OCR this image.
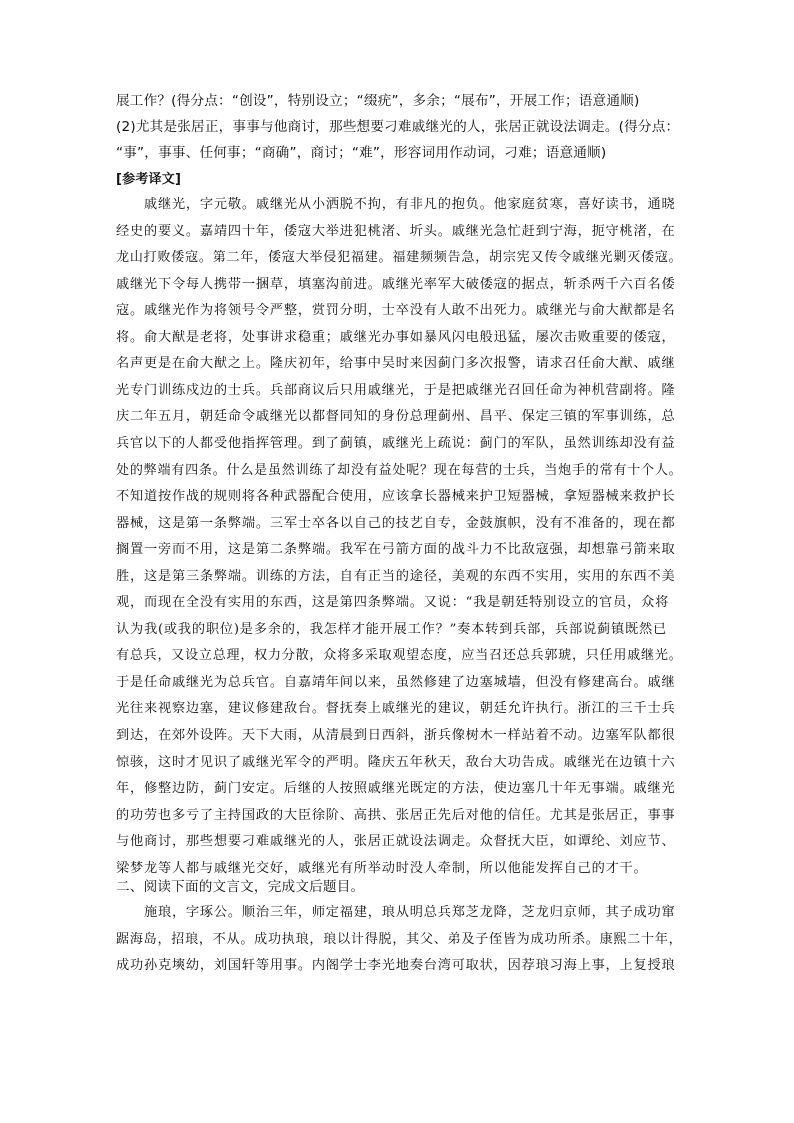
展工作？(得分点：“创设”，特别设立；“缀疣”，多余；“展布”，开展工作；语意通顺)
(2)尤其是张居正，事事与他商讨，那些想要刁难戚继光的人，张居正就设法调走。(得分点：
“事”，事事、任何事；“商确”，商讨；“难”，形容词用作动词，刁难；语意通顺)
[参考译文]
　　戚继光，字元敬。戚继光从小洒脱不拘，有非凡的抱负。他家庭贫寒，喜好读书，通晓
经史的要义。嘉靖四十年，倭寇大举进犯桃渚、圻头。戚继光急忙赶到宁海，扼守桃渚，在
龙山打败倭寇。第二年，倭寇大举侵犯福建。福建频频告急，胡宗宪又传令戚继光剿灭倭寇。
戚继光下令每人携带一捆草，填塞沟前进。戚继光率军大破倭寇的据点，斩杀两千六百名倭
寇。戚继光作为将领号令严整，赏罚分明，士卒没有人敢不出死力。戚继光与俞大猷都是名
将。俞大猷是老将，处事讲求稳重；戚继光办事如暴风闪电般迅猛，屡次击败重要的倭寇，
名声更是在俞大猷之上。隆庆初年，给事中吴时来因蓟门多次报警，请求召任俞大猷、戚继
光专门训练戍边的士兵。兵部商议后只用戚继光，于是把戚继光召回任命为神机营副将。隆
庆二年五月，朝廷命令戚继光以都督同知的身份总理蓟州、昌平、保定三镇的军事训练，总
兵官以下的人都受他指挥管理。到了蓟镇，戚继光上疏说：蓟门的军队，虽然训练却没有益
处的弊端有四条。什么是虽然训练了却没有益处呢？现在每营的士兵，当炮手的常有十个人。
不知道按作战的规则将各种武器配合使用，应该拿长器械来护卫短器械，拿短器械来救护长
器械，这是第一条弊端。三军士卒各以自己的技艺自专，金鼓旗帜，没有不准备的，现在都
搁置一旁而不用，这是第二条弊端。我军在弓箭方面的战斗力不比敌寇强，却想靠弓箭来取
胜，这是第三条弊端。训练的方法，自有正当的途径，美观的东西不实用，实用的东西不美
观，而现在全没有实用的东西，这是第四条弊端。又说：“我是朝廷特别设立的官员，众将
认为我(或我的职位)是多余的，我怎样才能开展工作？”奏本转到兵部，兵部说蓟镇既然已
有总兵，又设立总理，权力分散，众将多采取观望态度，应当召还总兵郭琥，只任用戚继光。
于是任命戚继光为总兵官。自嘉靖年间以来，虽然修建了边塞城墙，但没有修建高台。戚继
光往来视察边塞，建议修建敌台。督抚奏上戚继光的建议，朝廷允许执行。浙江的三千士兵
到达，在郊外设阵。天下大雨，从清晨到日西斜，浙兵像树木一样站着不动。边塞军队都很
惊骇，这时才见识了戚继光军令的严明。隆庆五年秋天，敌台大功告成。戚继光在边镇十六
年，修整边防，蓟门安定。后继的人按照戚继光既定的方法，使边塞几十年无事端。戚继光
的功劳也多亏了主持国政的大臣徐阶、高拱、张居正先后对他的信任。尤其是张居正，事事
与他商讨，那些想要刁难戚继光的人，张居正就设法调走。众督抚大臣，如谭纶、刘应节、
梁梦龙等人都与戚继光交好，戚继光有所举动时没人牵制，所以他能发挥自己的才干。
二、阅读下面的文言文，完成文后题目。
　　施琅，字琢公。顺治三年，师定福建，琅从明总兵郑芝龙降，芝龙归京师，其子成功窜
踞海岛，招琅，不从。成功执琅，琅以计得脱，其父、弟及子侄皆为成功所杀。康熙二十年，
成功孙克塽幼，刘国轩等用事。内阁学士李光地奏台湾可取状，因荐琅习海上事，上复授琅
